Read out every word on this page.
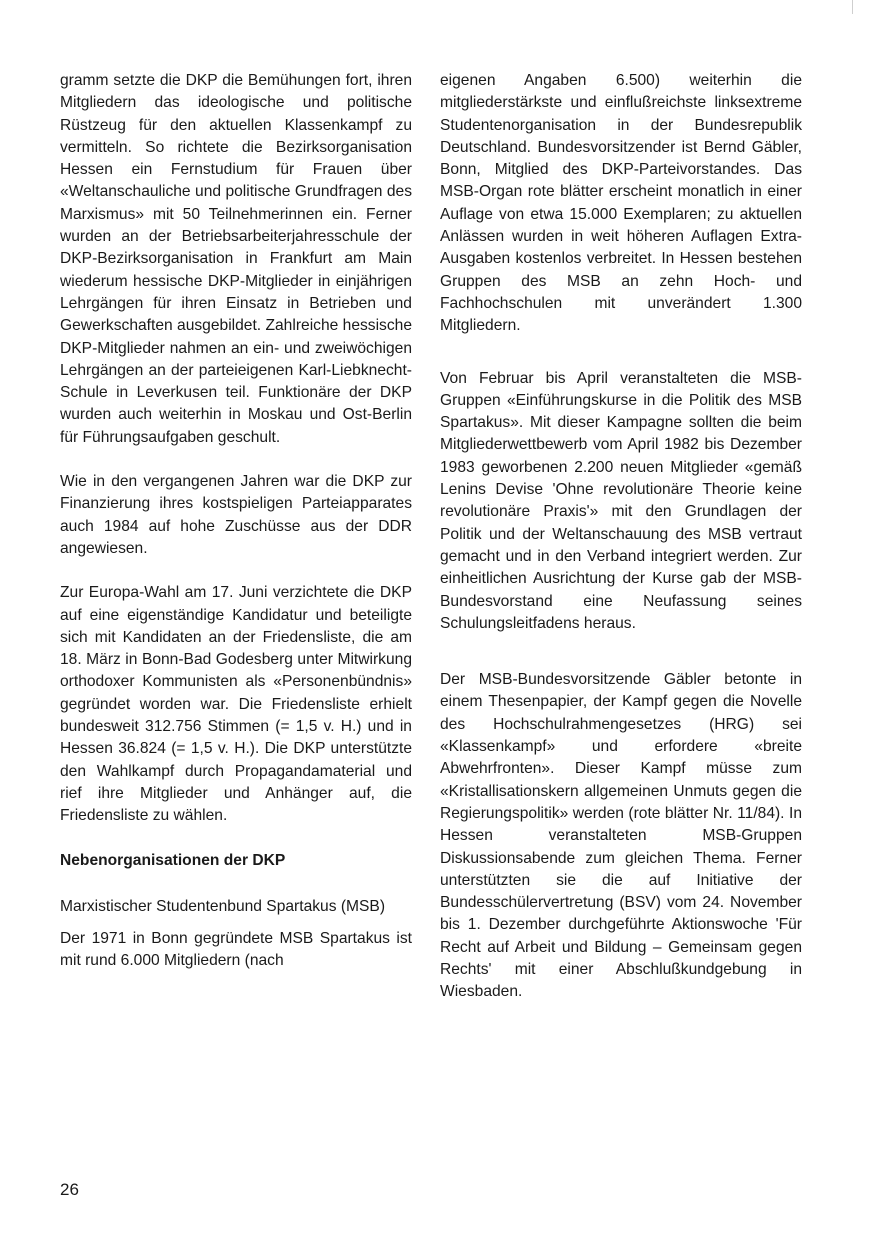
gramm setzte die DKP die Bemühungen fort, ihren Mitgliedern das ideologische und politische Rüstzeug für den aktuellen Klassenkampf zu vermitteln. So richtete die Bezirksorganisation Hessen ein Fernstudium für Frauen über «Weltanschauliche und politische Grundfragen des Marxismus» mit 50 Teilnehmerinnen ein. Ferner wurden an der Betriebsarbeiterjahresschule der DKP-Bezirksorganisation in Frankfurt am Main wiederum hessische DKP-Mitglieder in einjährigen Lehrgängen für ihren Einsatz in Betrieben und Gewerkschaften ausgebildet. Zahlreiche hessische DKP-Mitglieder nahmen an ein- und zweiwöchigen Lehrgängen an der parteieigenen Karl-Liebknecht-Schule in Leverkusen teil. Funktionäre der DKP wurden auch weiterhin in Moskau und Ost-Berlin für Führungsaufgaben geschult.

Wie in den vergangenen Jahren war die DKP zur Finanzierung ihres kostspieligen Parteiapparates auch 1984 auf hohe Zuschüsse aus der DDR angewiesen.

Zur Europa-Wahl am 17. Juni verzichtete die DKP auf eine eigenständige Kandidatur und beteiligte sich mit Kandidaten an der Friedensliste, die am 18. März in Bonn-Bad Godesberg unter Mitwirkung orthodoxer Kommunisten als «Personenbündnis» gegründet worden war. Die Friedensliste erhielt bundesweit 312.756 Stimmen (= 1,5 v. H.) und in Hessen 36.824 (= 1,5 v. H.). Die DKP unterstützte den Wahlkampf durch Propagandamaterial und rief ihre Mitglieder und Anhänger auf, die Friedensliste zu wählen.

Nebenorganisationen der DKP

Marxistischer Studentenbund Spartakus (MSB)

Der 1971 in Bonn gegründete MSB Spartakus ist mit rund 6.000 Mitgliedern (nach

eigenen Angaben 6.500) weiterhin die mitgliederstärkste und einflußreichste linksextreme Studentenorganisation in der Bundesrepublik Deutschland. Bundesvorsitzender ist Bernd Gäbler, Bonn, Mitglied des DKP-Parteivorstandes. Das MSB-Organ rote blätter erscheint monatlich in einer Auflage von etwa 15.000 Exemplaren; zu aktuellen Anlässen wurden in weit höheren Auflagen Extra-Ausgaben kostenlos verbreitet. In Hessen bestehen Gruppen des MSB an zehn Hoch- und Fachhochschulen mit unverändert 1.300 Mitgliedern.

Von Februar bis April veranstalteten die MSB-Gruppen «Einführungskurse in die Politik des MSB Spartakus». Mit dieser Kampagne sollten die beim Mitgliederwettbewerb vom April 1982 bis Dezember 1983 geworbenen 2.200 neuen Mitglieder «gemäß Lenins Devise 'Ohne revolutionäre Theorie keine revolutionäre Praxis'» mit den Grundlagen der Politik und der Weltanschauung des MSB vertraut gemacht und in den Verband integriert werden. Zur einheitlichen Ausrichtung der Kurse gab der MSB-Bundesvorstand eine Neufassung seines Schulungsleitfadens heraus.

Der MSB-Bundesvorsitzende Gäbler betonte in einem Thesenpapier, der Kampf gegen die Novelle des Hochschulrahmengesetzes (HRG) sei «Klassenkampf» und erfordere «breite Abwehrfronten». Dieser Kampf müsse zum «Kristallisationskern allgemeinen Unmuts gegen die Regierungspolitik» werden (rote blätter Nr. 11/84). In Hessen veranstalteten MSB-Gruppen Diskussionsabende zum gleichen Thema. Ferner unterstützten sie die auf Initiative der Bundesschülervertretung (BSV) vom 24. November bis 1. Dezember durchgeführte Aktionswoche 'Für Recht auf Arbeit und Bildung – Gemeinsam gegen Rechts' mit einer Abschlußkundgebung in Wiesbaden.

26
